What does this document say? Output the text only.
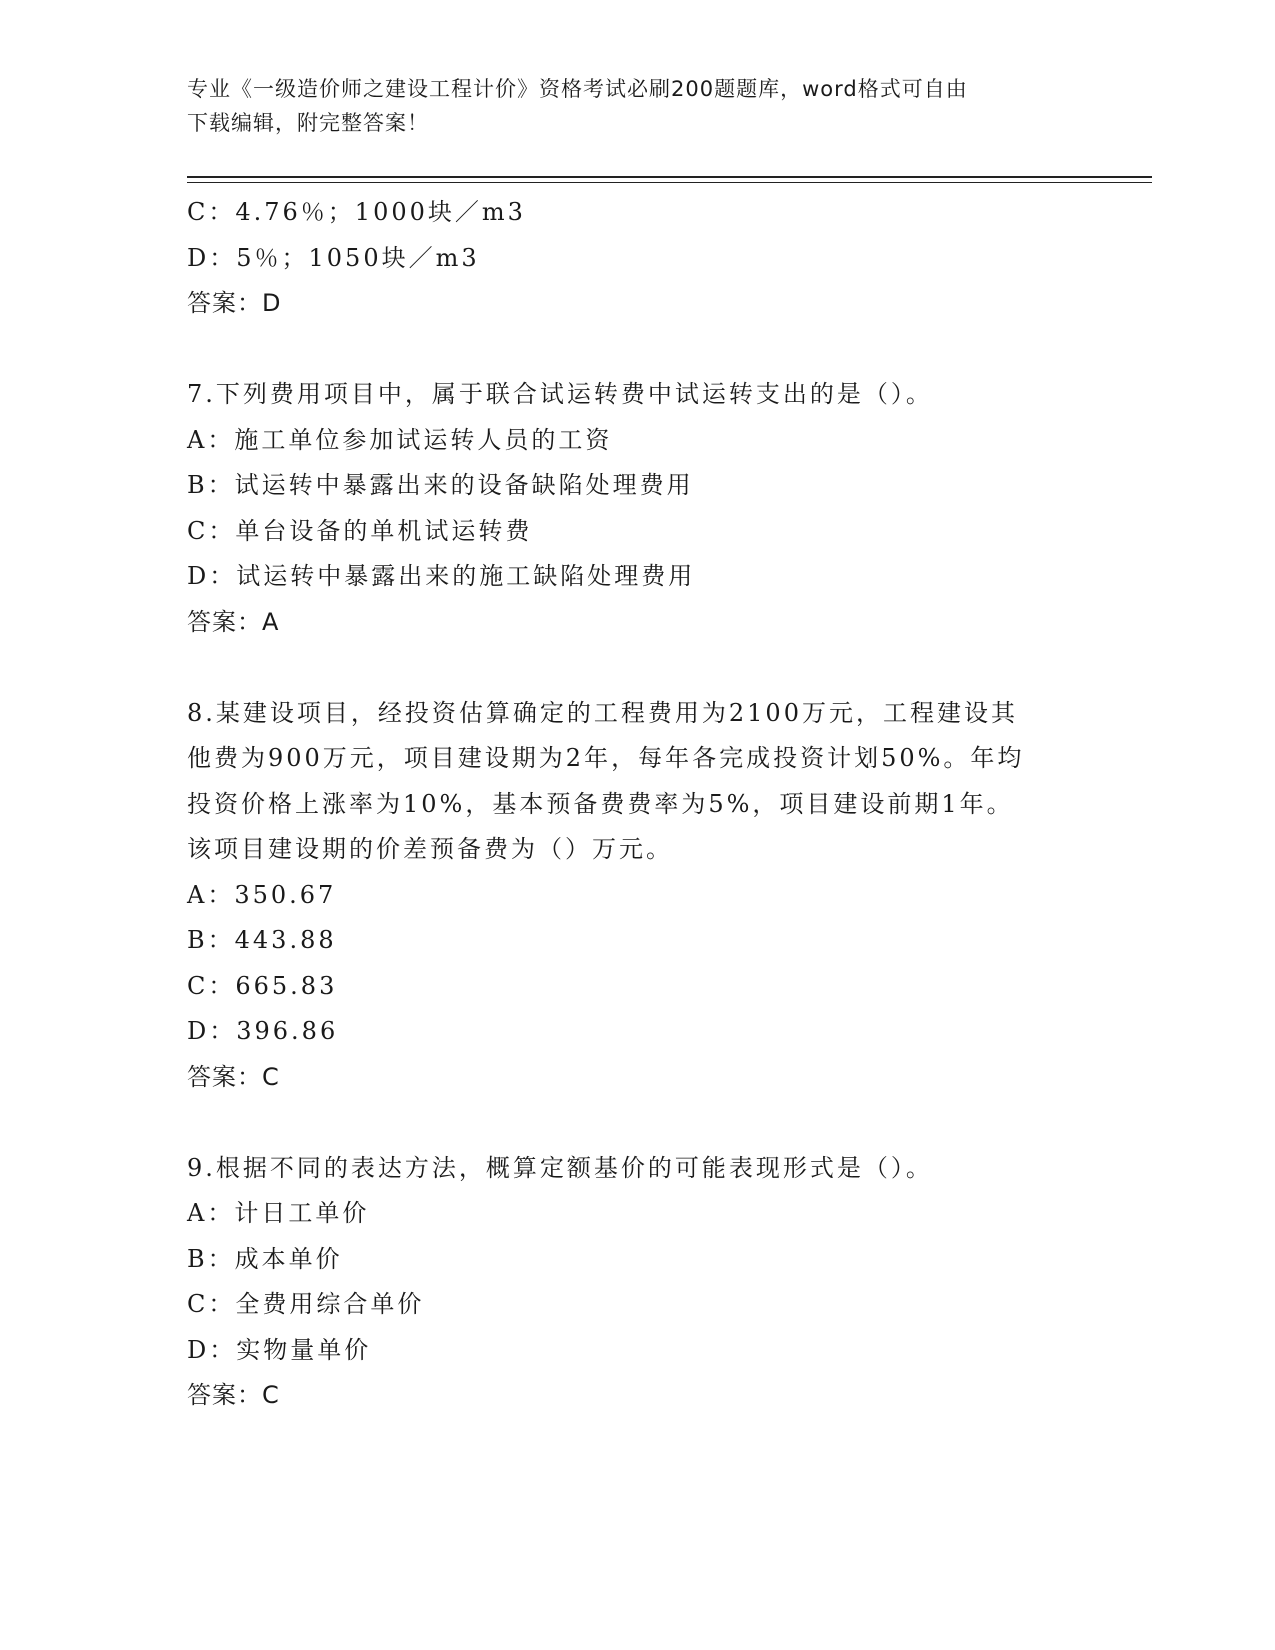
专业《一级造价师之建设工程计价》资格考试必刷200题题库，word格式可自由
下载编辑，附完整答案！
C：4.76％；1000块／m3
D：5％；1050块／m3
答案：D
7.下列费用项目中，属于联合试运转费中试运转支出的是（）。
A：施工单位参加试运转人员的工资
B：试运转中暴露出来的设备缺陷处理费用
C：单台设备的单机试运转费
D：试运转中暴露出来的施工缺陷处理费用
答案：A
8.某建设项目，经投资估算确定的工程费用为2100万元，工程建设其
他费为900万元，项目建设期为2年，每年各完成投资计划50%。年均
投资价格上涨率为10%，基本预备费费率为5%，项目建设前期1年。
该项目建设期的价差预备费为（）万元。
A：350.67
B：443.88
C：665.83
D：396.86
答案：C
9.根据不同的表达方法，概算定额基价的可能表现形式是（）。
A：计日工单价
B：成本单价
C：全费用综合单价
D：实物量单价
答案：C
